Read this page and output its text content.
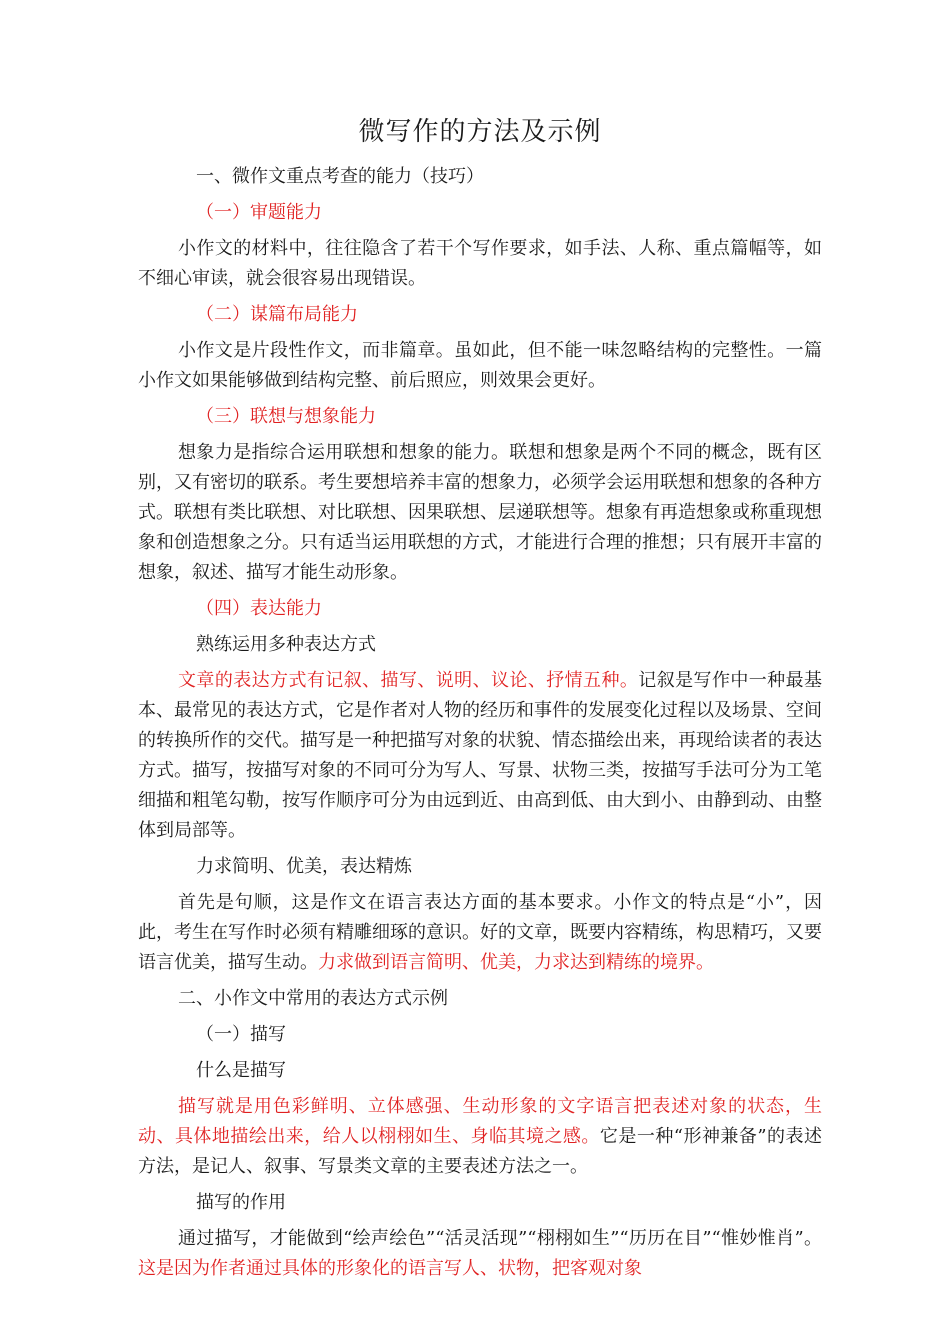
微写作的方法及示例

一、微作文重点考查的能力（技巧）

（一）审题能力

小作文的材料中，往往隐含了若干个写作要求，如手法、人称、重点篇幅等，如不细心审读，就会很容易出现错误。

（二）谋篇布局能力

小作文是片段性作文，而非篇章。虽如此，但不能一味忽略结构的完整性。一篇小作文如果能够做到结构完整、前后照应，则效果会更好。

（三）联想与想象能力

想象力是指综合运用联想和想象的能力。联想和想象是两个不同的概念，既有区别，又有密切的联系。考生要想培养丰富的想象力，必须学会运用联想和想象的各种方式。联想有类比联想、对比联想、因果联想、层递联想等。想象有再造想象或称重现想象和创造想象之分。只有适当运用联想的方式，才能进行合理的推想；只有展开丰富的想象，叙述、描写才能生动形象。

（四）表达能力

熟练运用多种表达方式

文章的表达方式有记叙、描写、说明、议论、抒情五种。记叙是写作中一种最基本、最常见的表达方式，它是作者对人物的经历和事件的发展变化过程以及场景、空间的转换所作的交代。描写是一种把描写对象的状貌、情态描绘出来，再现给读者的表达方式。描写，按描写对象的不同可分为写人、写景、状物三类，按描写手法可分为工笔细描和粗笔勾勒，按写作顺序可分为由远到近、由高到低、由大到小、由静到动、由整体到局部等。

力求简明、优美，表达精炼

首先是句顺，这是作文在语言表达方面的基本要求。小作文的特点是“小”，因此，考生在写作时必须有精雕细琢的意识。好的文章，既要内容精练，构思精巧，又要语言优美，描写生动。力求做到语言简明、优美，力求达到精练的境界。

二、小作文中常用的表达方式示例

（一）描写

什么是描写

描写就是用色彩鲜明、立体感强、生动形象的文字语言把表述对象的状态，生动、具体地描绘出来，给人以栩栩如生、身临其境之感。它是一种“形神兼备”的表述方法，是记人、叙事、写景类文章的主要表述方法之一。

描写的作用

通过描写，才能做到“绘声绘色”“活灵活现”“栩栩如生”“历历在目”“惟妙惟肖”。这是因为作者通过具体的形象化的语言写人、状物，把客观对象
